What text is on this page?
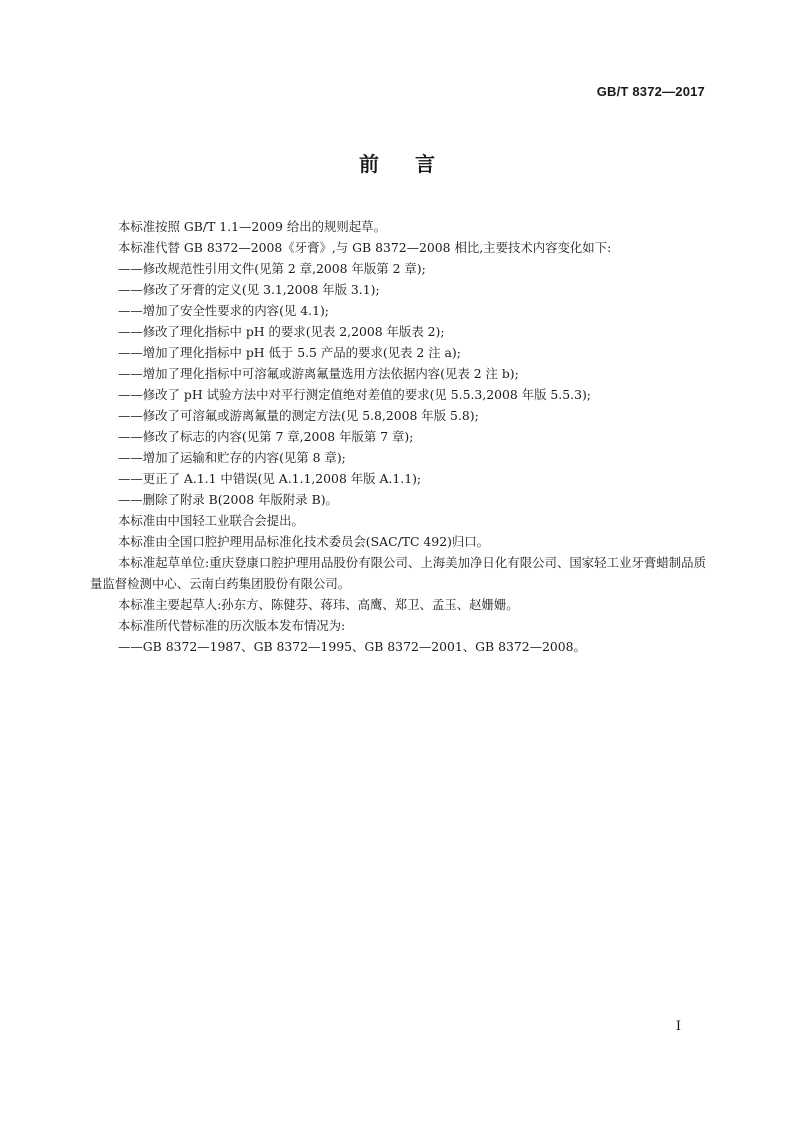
GB/T 8372—2017
前言

本标准按照 GB/T 1.1—2009 给出的规则起草。

本标准代替 GB 8372—2008《牙膏》,与 GB 8372—2008 相比,主要技术内容变化如下:

——修改规范性引用文件(见第 2 章,2008 年版第 2 章);

——修改了牙膏的定义(见 3.1,2008 年版 3.1);

——增加了安全性要求的内容(见 4.1);

——修改了理化指标中 pH 的要求(见表 2,2008 年版表 2);

——增加了理化指标中 pH 低于 5.5 产品的要求(见表 2 注 a);

——增加了理化指标中可溶氟或游离氟量选用方法依据内容(见表 2 注 b);

——修改了 pH 试验方法中对平行测定值绝对差值的要求(见 5.5.3,2008 年版 5.5.3);

——修改了可溶氟或游离氟量的测定方法(见 5.8,2008 年版 5.8);

——修改了标志的内容(见第 7 章,2008 年版第 7 章);

——增加了运输和贮存的内容(见第 8 章);

——更正了 A.1.1 中错误(见 A.1.1,2008 年版 A.1.1);

——删除了附录 B(2008 年版附录 B)。

本标准由中国轻工业联合会提出。

本标准由全国口腔护理用品标准化技术委员会(SAC/TC 492)归口。

本标准起草单位:重庆登康口腔护理用品股份有限公司、上海美加净日化有限公司、国家轻工业牙膏蜡制品质量监督检测中心、云南白药集团股份有限公司。

本标准主要起草人:孙东方、陈健芬、蒋玮、高鹰、郑卫、孟玉、赵姗姗。

本标准所代替标准的历次版本发布情况为:

——GB 8372—1987、GB 8372—1995、GB 8372—2001、GB 8372—2008。

I
